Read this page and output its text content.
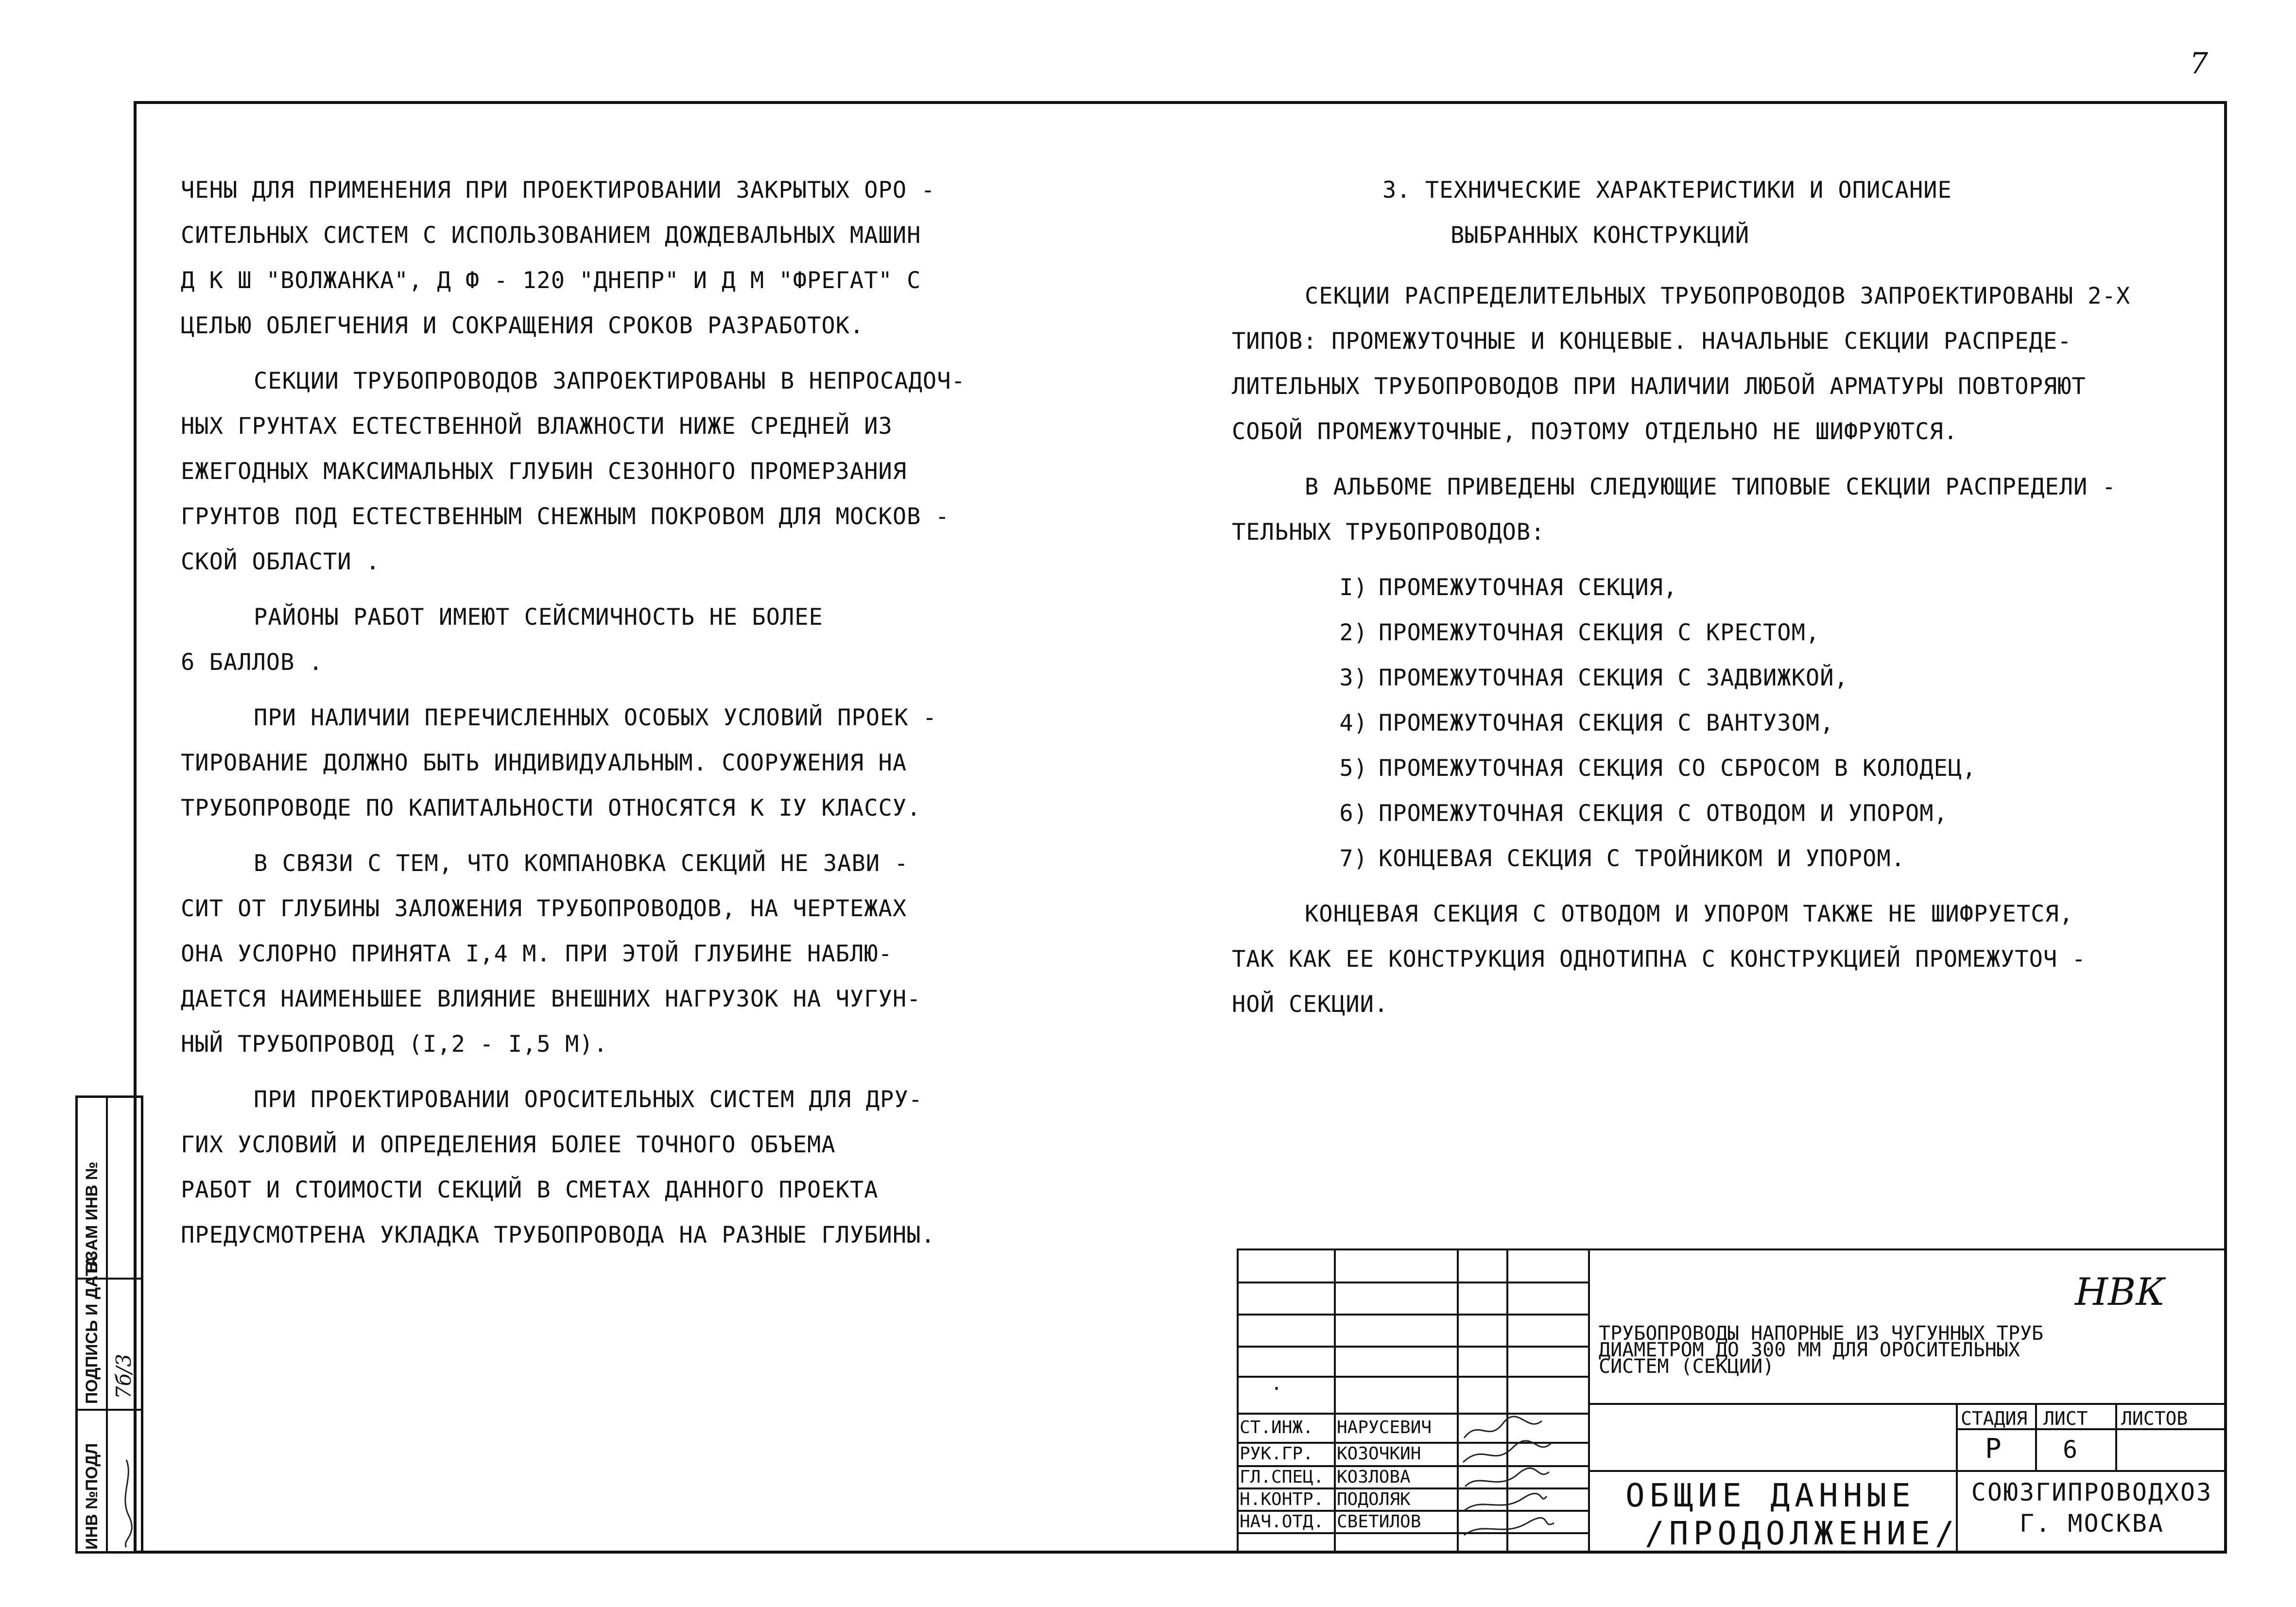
7
ЧЕНЫ ДЛЯ ПРИМЕНЕНИЯ ПРИ ПРОЕКТИРОВАНИИ ЗАКРЫТЫХ ОРО -
СИТЕЛЬНЫХ СИСТЕМ С ИСПОЛЬЗОВАНИЕМ ДОЖДЕВАЛЬНЫХ МАШИН
Д К Ш "ВОЛЖАНКА", Д Ф - 120 "ДНЕПР" И Д М "ФРЕГАТ" С
ЦЕЛЬЮ ОБЛЕГЧЕНИЯ И СОКРАЩЕНИЯ СРОКОВ РАЗРАБОТОК.
СЕКЦИИ ТРУБОПРОВОДОВ ЗАПРОЕКТИРОВАНЫ В НЕПРОСАДОЧ-
НЫХ ГРУНТАХ ЕСТЕСТВЕННОЙ ВЛАЖНОСТИ НИЖЕ СРЕДНЕЙ ИЗ
ЕЖЕГОДНЫХ МАКСИМАЛЬНЫХ ГЛУБИН СЕЗОННОГО ПРОМЕРЗАНИЯ
ГРУНТОВ ПОД ЕСТЕСТВЕННЫМ СНЕЖНЫМ ПОКРОВОМ ДЛЯ МОСКОВ -
СКОЙ ОБЛАСТИ .
РАЙОНЫ РАБОТ ИМЕЮТ СЕЙСМИЧНОСТЬ НЕ БОЛЕЕ
6 БАЛЛОВ .
ПРИ НАЛИЧИИ ПЕРЕЧИСЛЕННЫХ ОСОБЫХ УСЛОВИЙ ПРОЕК -
ТИРОВАНИЕ ДОЛЖНО БЫТЬ ИНДИВИДУАЛЬНЫМ. СООРУЖЕНИЯ НА
ТРУБОПРОВОДЕ ПО КАПИТАЛЬНОСТИ ОТНОСЯТСЯ К IУ КЛАССУ.
В СВЯЗИ С ТЕМ, ЧТО КОМПАНОВКА СЕКЦИЙ НЕ ЗАВИ -
СИТ ОТ ГЛУБИНЫ ЗАЛОЖЕНИЯ ТРУБОПРОВОДОВ, НА ЧЕРТЕЖАХ
ОНА УСЛОРНО ПРИНЯТА I,4 М. ПРИ ЭТОЙ ГЛУБИНЕ НАБЛЮ-
ДАЕТСЯ НАИМЕНЬШЕЕ ВЛИЯНИЕ ВНЕШНИХ НАГРУЗОК НА ЧУГУН-
НЫЙ ТРУБОПРОВОД (I,2 - I,5 М).
ПРИ ПРОЕКТИРОВАНИИ ОРОСИТЕЛЬНЫХ СИСТЕМ ДЛЯ ДРУ-
ГИХ УСЛОВИЙ И ОПРЕДЕЛЕНИЯ БОЛЕЕ ТОЧНОГО ОБЪЕМА
РАБОТ И СТОИМОСТИ СЕКЦИЙ В СМЕТАХ ДАННОГО ПРОЕКТА
ПРЕДУСМОТРЕНА УКЛАДКА ТРУБОПРОВОДА НА РАЗНЫЕ ГЛУБИНЫ.
3. ТЕХНИЧЕСКИЕ ХАРАКТЕРИСТИКИ И ОПИСАНИЕ
ВЫБРАННЫХ КОНСТРУКЦИЙ
СЕКЦИИ РАСПРЕДЕЛИТЕЛЬНЫХ ТРУБОПРОВОДОВ ЗАПРОЕКТИРОВАНЫ 2-Х
ТИПОВ: ПРОМЕЖУТОЧНЫЕ И КОНЦЕВЫЕ. НАЧАЛЬНЫЕ СЕКЦИИ РАСПРЕДЕ-
ЛИТЕЛЬНЫХ ТРУБОПРОВОДОВ ПРИ НАЛИЧИИ ЛЮБОЙ АРМАТУРЫ ПОВТОРЯЮТ
СОБОЙ ПРОМЕЖУТОЧНЫЕ, ПОЭТОМУ ОТДЕЛЬНО НЕ ШИФРУЮТСЯ.
В АЛЬБОМЕ ПРИВЕДЕНЫ СЛЕДУЮЩИЕ ТИПОВЫЕ СЕКЦИИ РАСПРЕДЕЛИ -
ТЕЛЬНЫХ ТРУБОПРОВОДОВ:
I) ПРОМЕЖУТОЧНАЯ СЕКЦИЯ,
2) ПРОМЕЖУТОЧНАЯ СЕКЦИЯ С КРЕСТОМ,
3) ПРОМЕЖУТОЧНАЯ СЕКЦИЯ С ЗАДВИЖКОЙ,
4) ПРОМЕЖУТОЧНАЯ СЕКЦИЯ С ВАНТУЗОМ,
5) ПРОМЕЖУТОЧНАЯ СЕКЦИЯ СО СБРОСОМ В КОЛОДЕЦ,
6) ПРОМЕЖУТОЧНАЯ СЕКЦИЯ С ОТВОДОМ И УПОРОМ,
7) КОНЦЕВАЯ СЕКЦИЯ С ТРОЙНИКОМ И УПОРОМ.
КОНЦЕВАЯ СЕКЦИЯ С ОТВОДОМ И УПОРОМ ТАКЖЕ НЕ ШИФРУЕТСЯ,
ТАК КАК ЕЕ КОНСТРУКЦИЯ ОДНОТИПНА С КОНСТРУКЦИЕЙ ПРОМЕЖУТОЧ -
НОЙ СЕКЦИИ.
ИНВ №ПОДЛ
ПОДПИСЬ И ДАТА
ВЗАМ ИНВ №
7б/3
НВК
ТРУБОПРОВОДЫ НАПОРНЫЕ ИЗ ЧУГУННЫХ ТРУБ
ДИАМЕТРОМ ДО 300 ММ ДЛЯ ОРОСИТЕЛЬНЫХ
СИСТЕМ (СЕКЦИИ)
СТАДИЯ ЛИСТ ЛИСТОВ
Р	6
ОБЩИЕ ДАННЫЕ
/ПРОДОЛЖЕНИЕ/
СОЮЗГИПРОВОДХОЗ
Г. МОСКВА
.
СТ.ИНЖ. НАРУСЕВИЧ
РУК.ГР. КОЗОЧКИН
ГЛ.СПЕЦ. КОЗЛОВА
Н.КОНТР. ПОДОЛЯК
НАЧ.ОТД. СВЕТИЛОВ
